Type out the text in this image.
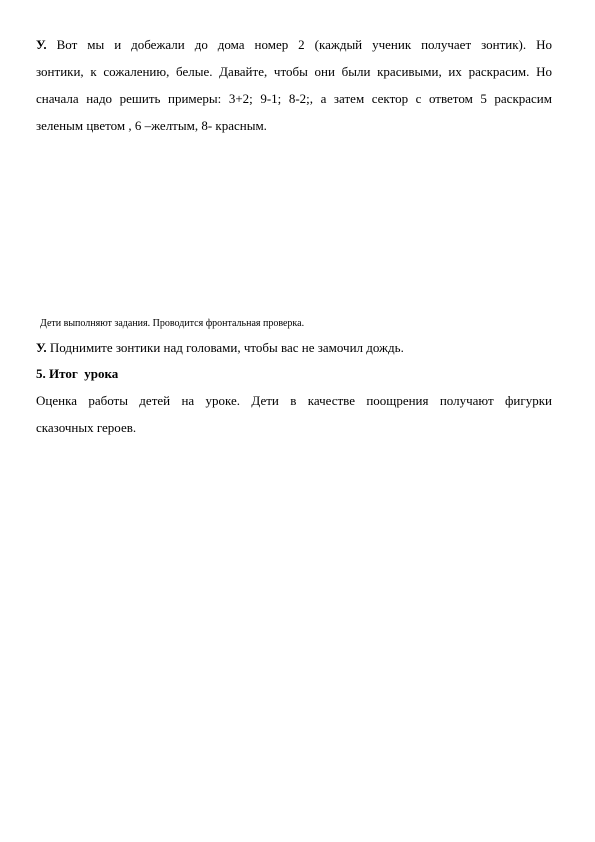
У. Вот мы и добежали до дома номер 2 (каждый ученик получает зонтик). Но
зонтики, к сожалению, белые. Давайте, чтобы они были красивыми, их раскрасим. Но
сначала надо решить примеры: 3+2; 9-1; 8-2;, а затем сектор с ответом 5 раскрасим
зеленым цветом , 6 –желтым, 8- красным.
Дети выполняют задания. Проводится фронтальная проверка.
У. Поднимите зонтики над головами, чтобы вас не замочил дождь.
5. Итог  урока
Оценка работы детей на уроке. Дети в качестве поощрения получают фигурки
сказочных героев.
